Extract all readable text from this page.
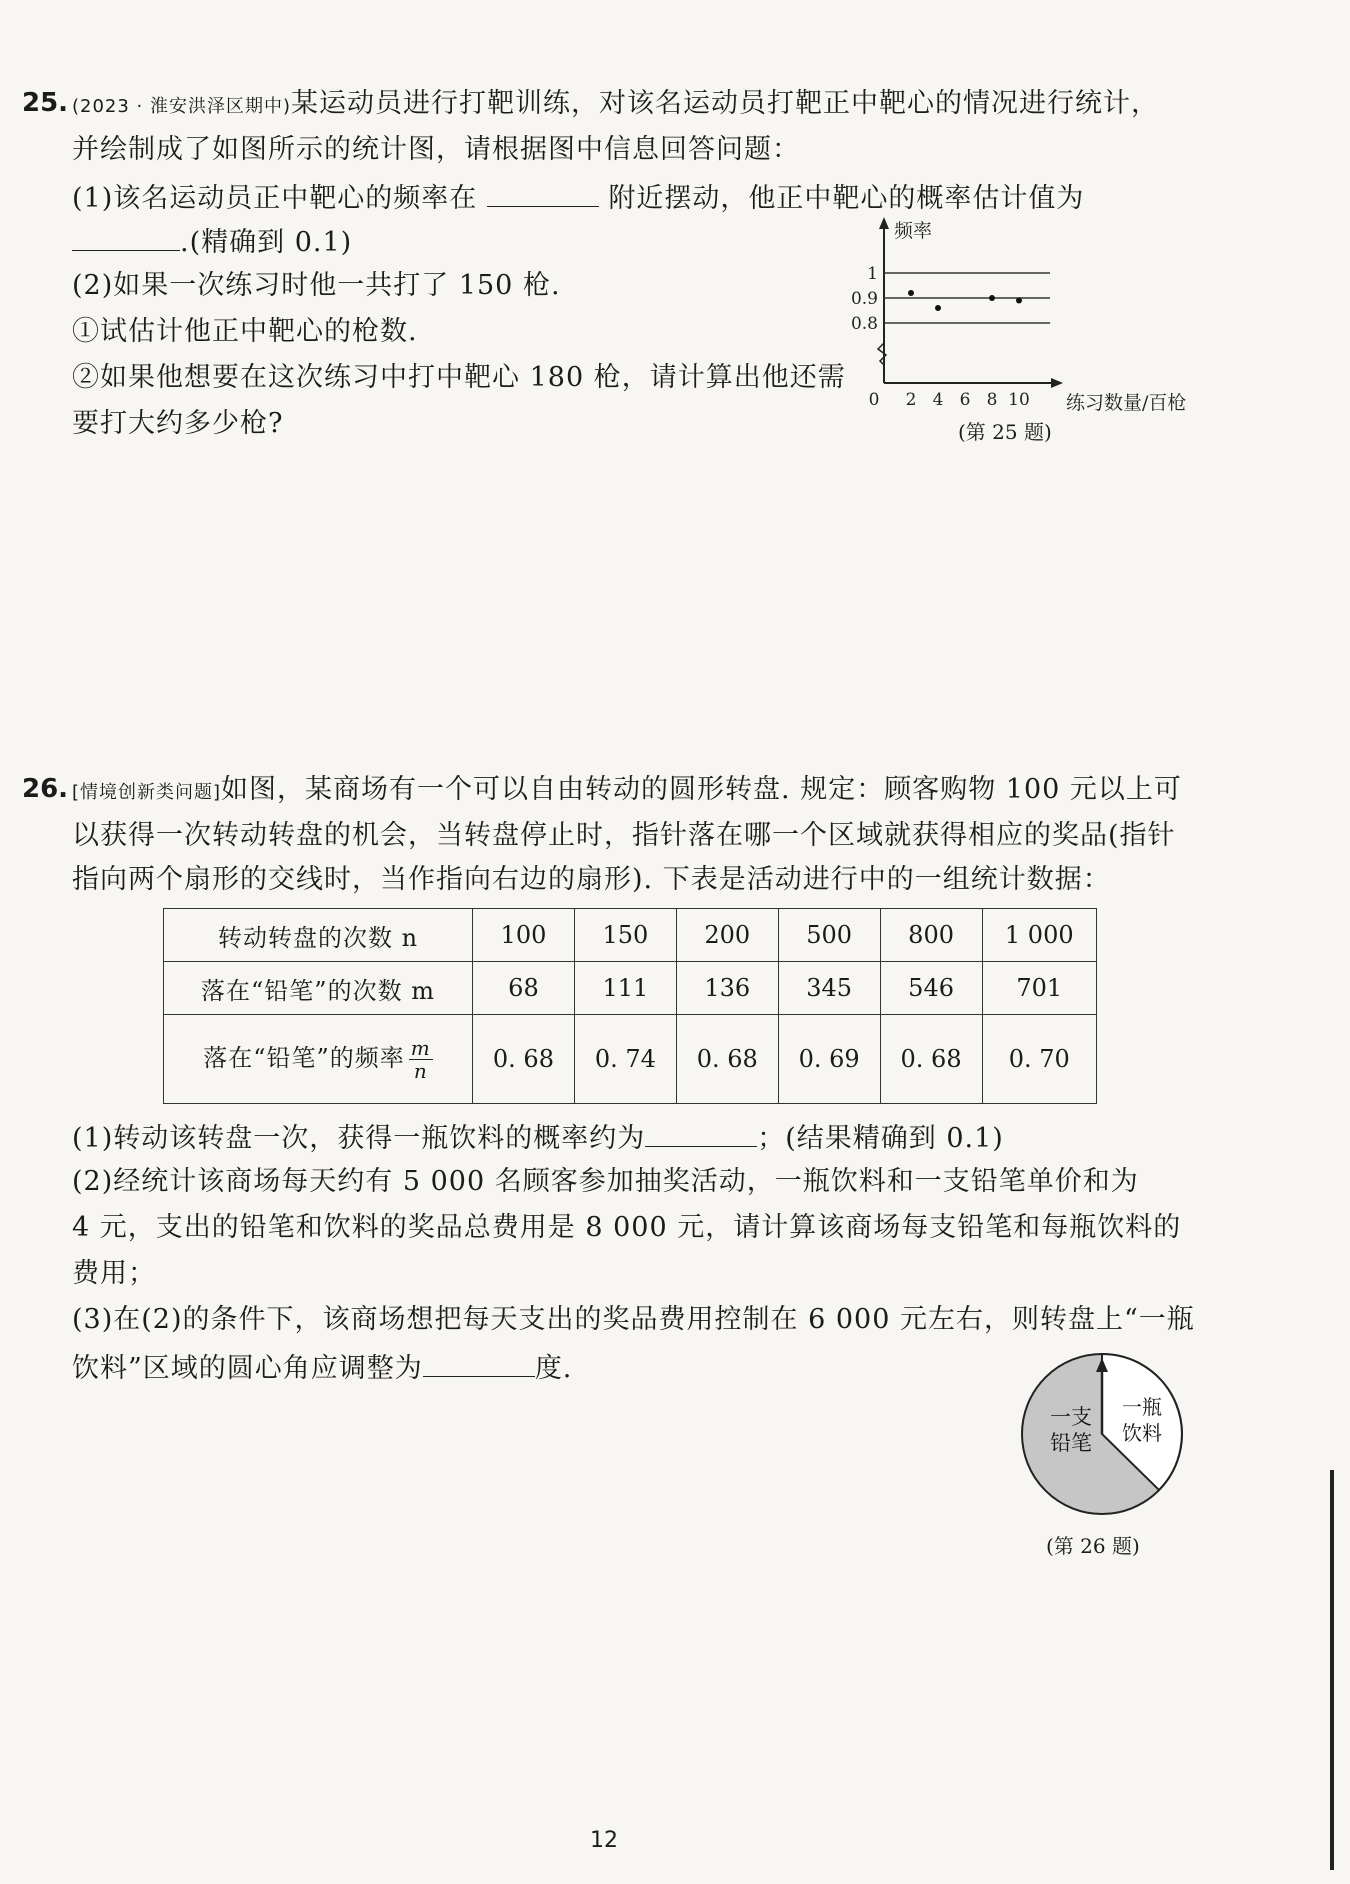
25. (2023 · 淮安洪泽区期中)某运动员进行打靶训练，对该名运动员打靶正中靶心的情况进行统计，
并绘制成了如图所示的统计图，请根据图中信息回答问题：
(1)该名运动员正中靶心的频率在	附近摆动，他正中靶心的概率估计值为
.(精确到 0.1)
(2)如果一次练习时他一共打了 150 枪.
①试估计他正中靶心的枪数.
②如果他想要在这次练习中打中靶心 180 枪，请计算出他还需
要打大约多少枪?
1
0.9
0.8
0 2 4 6 8 10
频率
练习数量/百枪
(第 25 题)
26. [情境创新类问题]如图，某商场有一个可以自由转动的圆形转盘. 规定：顾客购物 100 元以上可
以获得一次转动转盘的机会，当转盘停止时，指针落在哪一个区域就获得相应的奖品(指针
指向两个扇形的交线时，当作指向右边的扇形). 下表是活动进行中的一组统计数据：
转动转盘的次数 n	100	150	200	500	800	1 000
落在“铅笔”的次数 m	68	111	136	345	546	701
落在“铅笔”的频率 $\frac{m}{n}$	0. 68	0. 74	0. 68	0. 69	0. 68	0. 70
(1)转动该转盘一次，获得一瓶饮料的概率约为	；(结果精确到 0.1)
(2)经统计该商场每天约有 5 000 名顾客参加抽奖活动，一瓶饮料和一支铅笔单价和为
4 元，支出的铅笔和饮料的奖品总费用是 8 000 元，请计算该商场每支铅笔和每瓶饮料的
费用；
(3)在(2)的条件下，该商场想把每天支出的奖品费用控制在 6 000 元左右，则转盘上“一瓶
饮料”区域的圆心角应调整为	度.
一支
铅笔
一瓶
饮料
(第 26 题)
12
